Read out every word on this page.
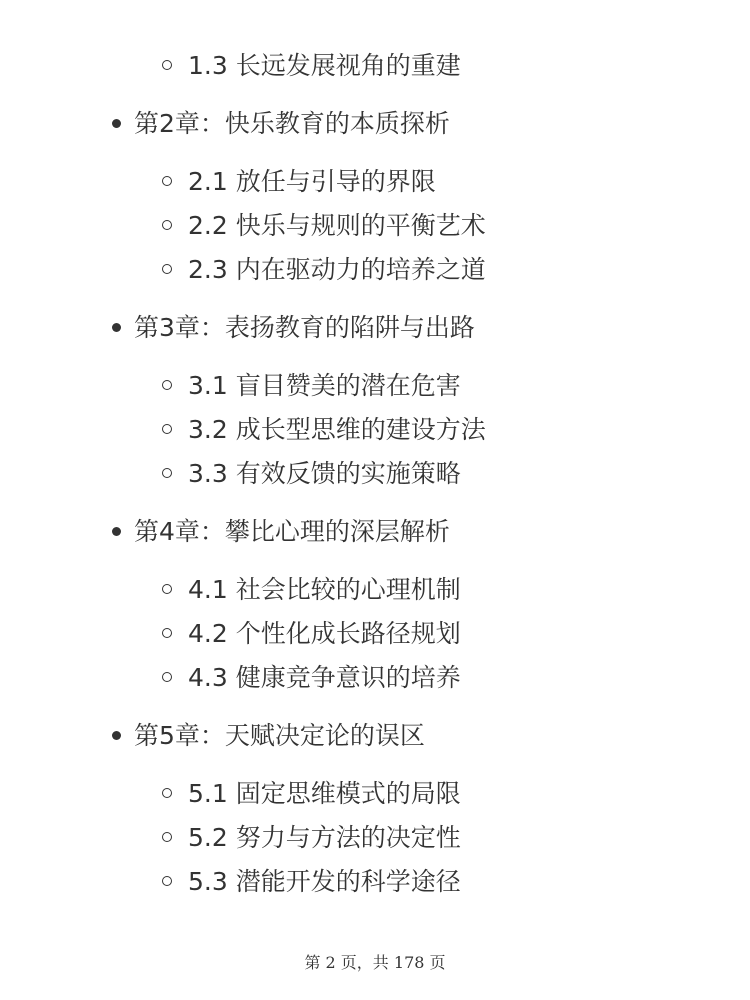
1.3 长远发展视角的重建
第2章：快乐教育的本质探析
2.1 放任与引导的界限
2.2 快乐与规则的平衡艺术
2.3 内在驱动力的培养之道
第3章：表扬教育的陷阱与出路
3.1 盲目赞美的潜在危害
3.2 成长型思维的建设方法
3.3 有效反馈的实施策略
第4章：攀比心理的深层解析
4.1 社会比较的心理机制
4.2 个性化成长路径规划
4.3 健康竞争意识的培养
第5章：天赋决定论的误区
5.1 固定思维模式的局限
5.2 努力与方法的决定性
5.3 潜能开发的科学途径
第 2 页，共 178 页
